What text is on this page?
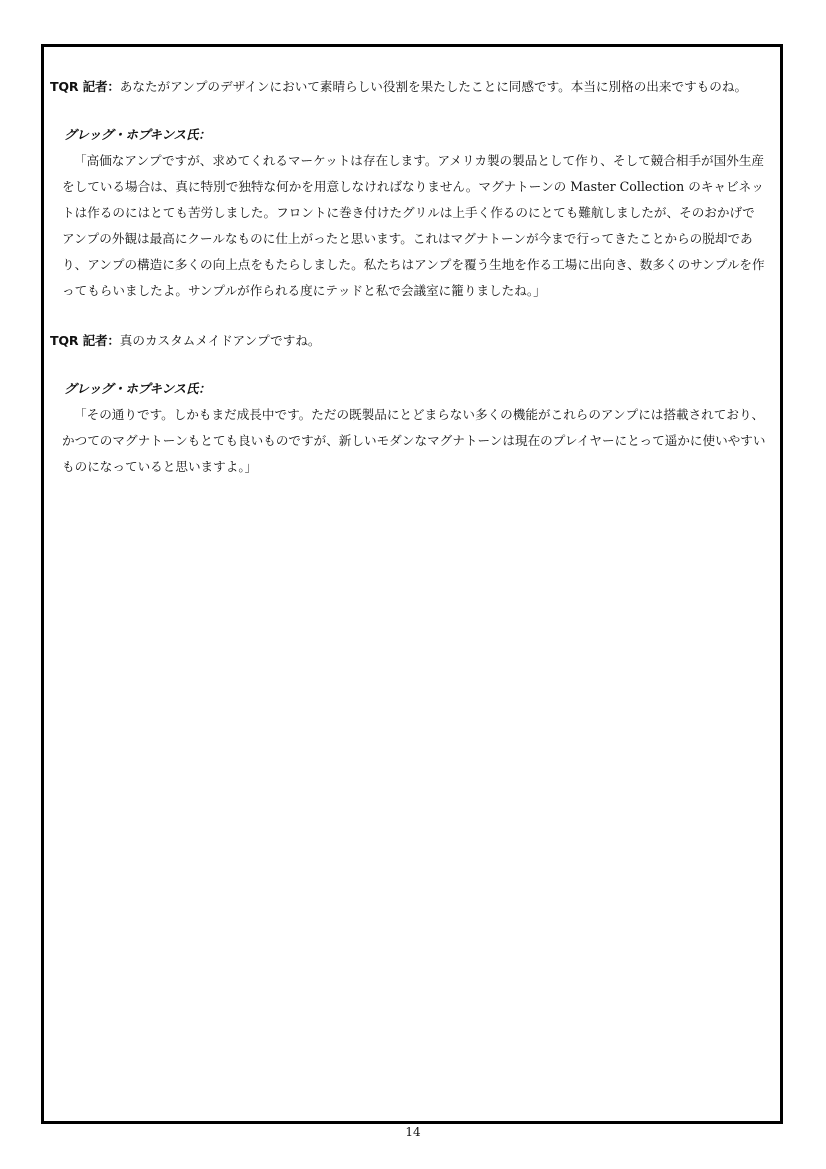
TQR 記者：あなたがアンプのデザインにおいて素晴らしい役割を果たしたことに同感です。本当に別格の出来ですものね。

グレッグ・ホプキンス氏：

「高価なアンプですが、求めてくれるマーケットは存在します。アメリカ製の製品として作り、そして競合相手が国外生産をしている場合は、真に特別で独特な何かを用意しなければなりません。マグナトーンの Master Collection のキャビネットは作るのにはとても苦労しました。フロントに巻き付けたグリルは上手く作るのにとても難航しましたが、そのおかげでアンプの外観は最高にクールなものに仕上がったと思います。これはマグナトーンが今まで行ってきたことからの脱却であり、アンプの構造に多くの向上点をもたらしました。私たちはアンプを覆う生地を作る工場に出向き、数多くのサンプルを作ってもらいましたよ。サンプルが作られる度にテッドと私で会議室に籠りましたね。」

TQR 記者：真のカスタムメイドアンプですね。

グレッグ・ホプキンス氏：

「その通りです。しかもまだ成長中です。ただの既製品にとどまらない多くの機能がこれらのアンプには搭載されており、かつてのマグナトーンもとても良いものですが、新しいモダンなマグナトーンは現在のプレイヤーにとって遥かに使いやすいものになっていると思いますよ。」

14
